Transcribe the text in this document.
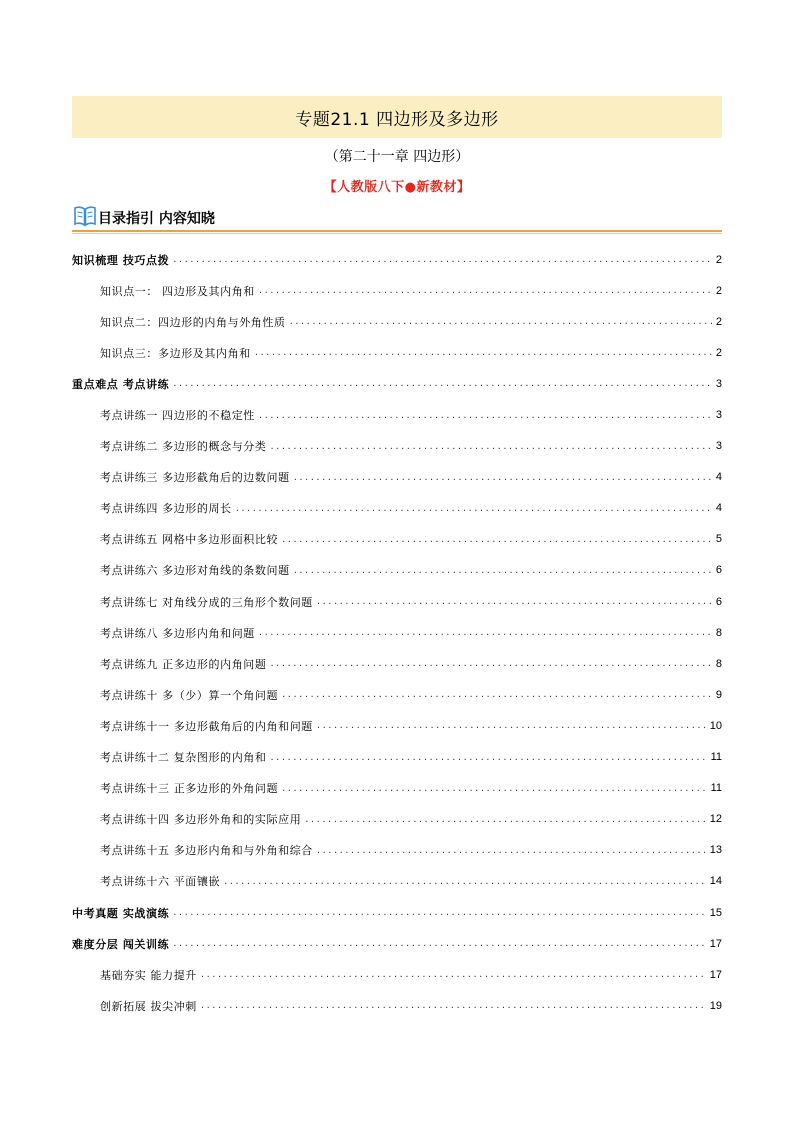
专题21.1 四边形及多边形
（第二十一章 四边形）
【人教版八下●新教材】
目录指引 内容知晓
知识梳理 技巧点拨 .....	2
知识点一： 四边形及其内角和 .....	2
知识点二：四边形的内角与外角性质 .....	2
知识点三：多边形及其内角和 .....	2
重点难点 考点讲练 .....	3
考点讲练一 四边形的不稳定性 .....	3
考点讲练二 多边形的概念与分类 .....	3
考点讲练三 多边形截角后的边数问题 .....	4
考点讲练四 多边形的周长 .....	4
考点讲练五 网格中多边形面积比较 .....	5
考点讲练六 多边形对角线的条数问题 .....	6
考点讲练七 对角线分成的三角形个数问题 .....	6
考点讲练八 多边形内角和问题 .....	8
考点讲练九 正多边形的内角问题 .....	8
考点讲练十 多（少）算一个角问题 .....	9
考点讲练十一 多边形截角后的内角和问题 .....	10
考点讲练十二 复杂图形的内角和 .....	11
考点讲练十三 正多边形的外角问题 .....	11
考点讲练十四 多边形外角和的实际应用 .....	12
考点讲练十五 多边形内角和与外角和综合 .....	13
考点讲练十六 平面镶嵌 .....	14
中考真题 实战演练 .....	15
难度分层 闯关训练 .....	17
基础夯实 能力提升 .....	17
创新拓展 拔尖冲刺 .....	19
